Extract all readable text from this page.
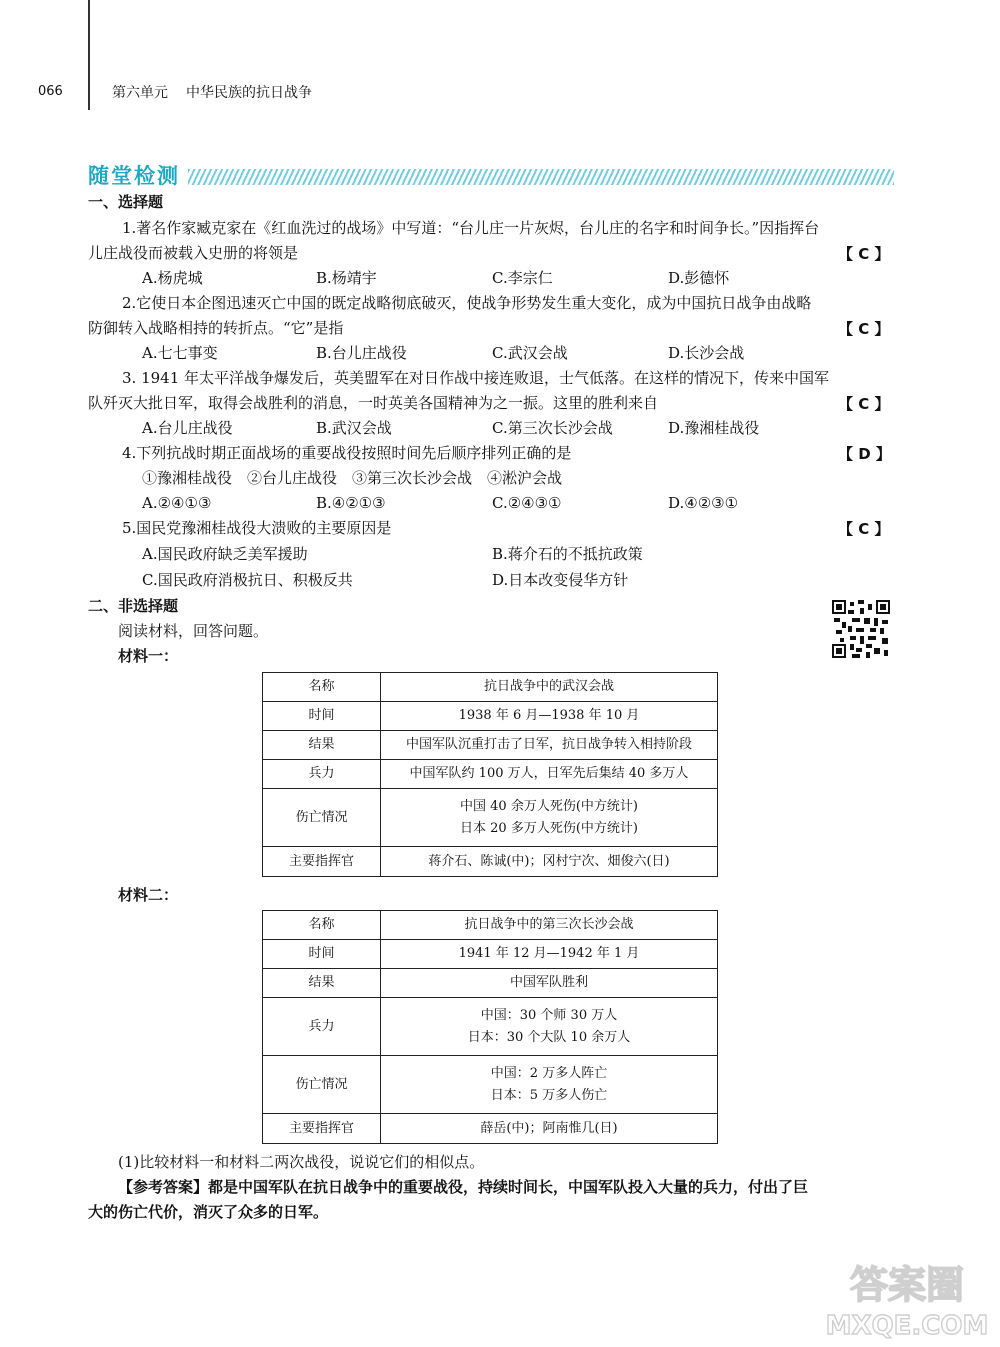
066	第六单元 中华民族的抗日战争
随堂检测
一、选择题
1.著名作家臧克家在《红血洗过的战场》中写道：“台儿庄一片灰烬，台儿庄的名字和时间争长。”因指挥台
儿庄战役而被载入史册的将领是	【 C 】
A.杨虎城	B.杨靖宇	C.李宗仁	D.彭德怀
2.它使日本企图迅速灭亡中国的既定战略彻底破灭，使战争形势发生重大变化，成为中国抗日战争由战略
防御转入战略相持的转折点。“它”是指	【 C 】
A.七七事变	B.台儿庄战役	C.武汉会战	D.长沙会战
3. 1941 年太平洋战争爆发后，英美盟军在对日作战中接连败退，士气低落。在这样的情况下，传来中国军
队歼灭大批日军，取得会战胜利的消息，一时英美各国精神为之一振。这里的胜利来自	【 C 】
A.台儿庄战役	B.武汉会战	C.第三次长沙会战	D.豫湘桂战役
4.下列抗战时期正面战场的重要战役按照时间先后顺序排列正确的是	【 D 】
①豫湘桂战役　②台儿庄战役　③第三次长沙会战　④淞沪会战
A.②④①③	B.④②①③	C.②④③①	D.④②③①
5.国民党豫湘桂战役大溃败的主要原因是	【 C 】
A.国民政府缺乏美军援助	B.蒋介石的不抵抗政策
C.国民政府消极抗日、积极反共	D.日本改变侵华方针
二、非选择题
阅读材料，回答问题。
材料一：
名称	抗日战争中的武汉会战
时间	1938 年 6 月—1938 年 10 月
结果	中国军队沉重打击了日军，抗日战争转入相持阶段
兵力	中国军队约 100 万人，日军先后集结 40 多万人
伤亡情况	中国 40 余万人死伤(中方统计)
日本 20 多万人死伤(中方统计)

主要指挥官	蒋介石、陈诚(中)；冈村宁次、畑俊六(日)
材料二：
名称	抗日战争中的第三次长沙会战
时间	1941 年 12 月—1942 年 1 月
结果	中国军队胜利
兵力	中国：30 个师 30 万人
日本：30 个大队 10 余万人

伤亡情况	中国：2 万多人阵亡
日本：5 万多人伤亡

主要指挥官	薛岳(中)；阿南惟几(日)
(1)比较材料一和材料二两次战役，说说它们的相似点。
【参考答案】都是中国军队在抗日战争中的重要战役，持续时间长，中国军队投入大量的兵力，付出了巨
大的伤亡代价，消灭了众多的日军。
答案圈
MXQE.COM
